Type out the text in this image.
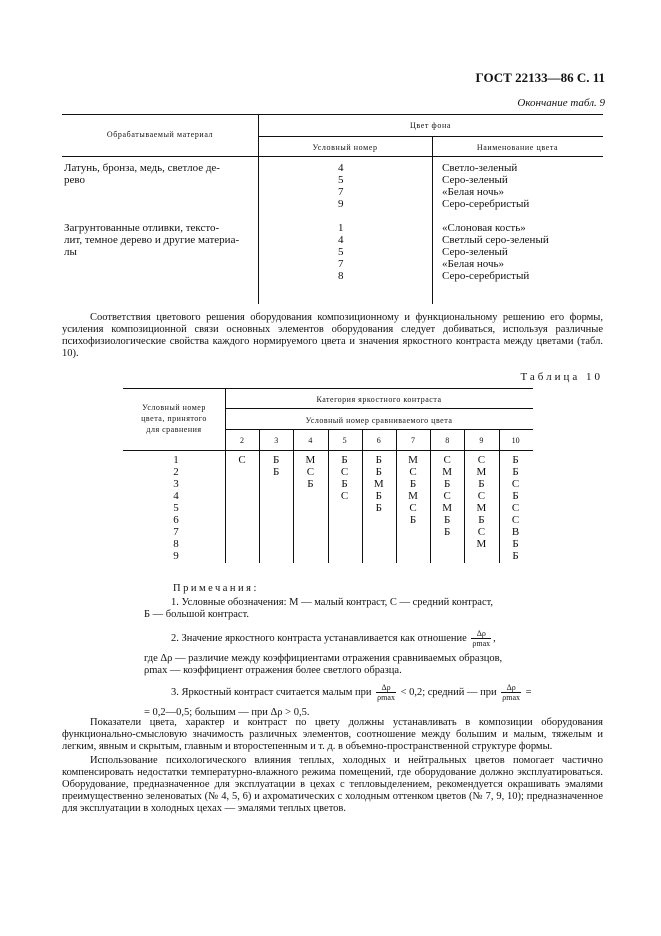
ГОСТ 22133—86 С. 11
Окончание табл. 9
Обрабатываемый материал
Цвет фона
Условный номер	Наименование цвета
Латунь, бронза, медь, светлое де-
рево
4
5
7
9
Светло-зеленый
Серо-зеленый
«Белая ночь»
Серо-серебристый
Загрунтованные отливки, тексто-
лит, темное дерево и другие материа-
лы
1
4
5
7
8
«Слоновая кость»
Светлый серо-зеленый
Серо-зеленый
«Белая ночь»
Серо-серебристый

Соответствия цветового решения оборудования композиционному и функциональному решению его формы, усиления композиционной связи основных элементов оборудования следует добиваться, используя различные психофизиологические свойства каждого нормируемого цвета и значения яркостного контраста между цветами (табл. 10).

Таблица 10
Условный номер
цвета, принятого
для сравнения
Категория яркостного контраста
Условный номер сравниваемого цвета
2
С
3
Б
Б
4
М
С
Б
5
Б
С
Б
С
6
Б
Б
М
Б
Б
7
М
С
Б
М
С
Б
8
С
М
Б
С
М
Б
Б
9
С
М
Б
С
М
Б
С
М
10
Б
Б
С
Б
С
С
В
Б
Б
1
2
3
4
5
6
7
8
9
Примечания:
1. Условные обозначения: М — малый контраст, С — средний контраст,
Б — большой контраст.
2. Значение яркостного контраста устанавливается как отношение $\frac{\Delta\rho}{\rho\max}$ ,
где Δρ — различие между коэффициентами отражения сравниваемых образцов,
ρmax — коэффициент отражения более светлого образца.
3. Яркостный контраст считается малым при $\frac{\Delta\rho}{\rho\max} < 0,2$; средний — при $\frac{\Delta\rho}{\rho\max}$ =
= 0,2—0,5; большим — при Δρ > 0,5.

Показатели цвета, характер и контраст по цвету должны устанавливать в композиции оборудования функционально-смысловую значимость различных элементов, соотношение между большим и малым, тяжелым и легким, явным и скрытым, главным и второстепенным и т. д. в объемно-пространственной структуре формы.

Использование психологического влияния теплых, холодных и нейтральных цветов помогает частично компенсировать недостатки температурно-влажного режима помещений, где оборудование должно эксплуатироваться. Оборудование, предназначенное для эксплуатации в цехах с тепловыделением, рекомендуется окрашивать эмалями преимущественно зеленоватых (№ 4, 5, 6) и ахроматических с холодным оттенком цветов (№ 7, 9, 10); предназначенное для эксплуатации в холодных цехах — эмалями теплых цветов.
